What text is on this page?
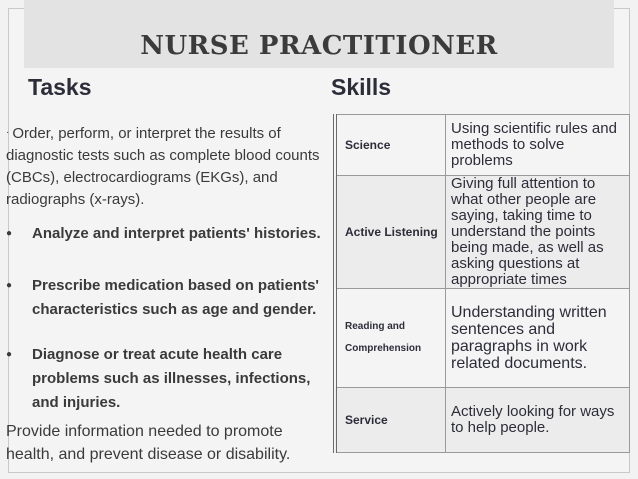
NURSE PRACTITIONER
Tasks	Skills
· Order, perform, or interpret the results of diagnostic tests such as complete blood counts (CBCs), electrocardiograms (EKGs), and radiographs (x-rays).
● Analyze and interpret patients' histories.
● Prescribe medication based on patients' characteristics such as age and gender.
● Diagnose or treat acute health care problems such as illnesses, infections, and injuries.
Provide information needed to promote health, and prevent disease or disability.
Science	Using scientific rules and methods to solve problems
Active Listening	Giving full attention to what other people are saying, taking time to understand the points being made, as well as asking questions at appropriate times
Reading and Comprehension	Understanding written sentences and paragraphs in work related documents.
Service	Actively looking for ways to help people.
